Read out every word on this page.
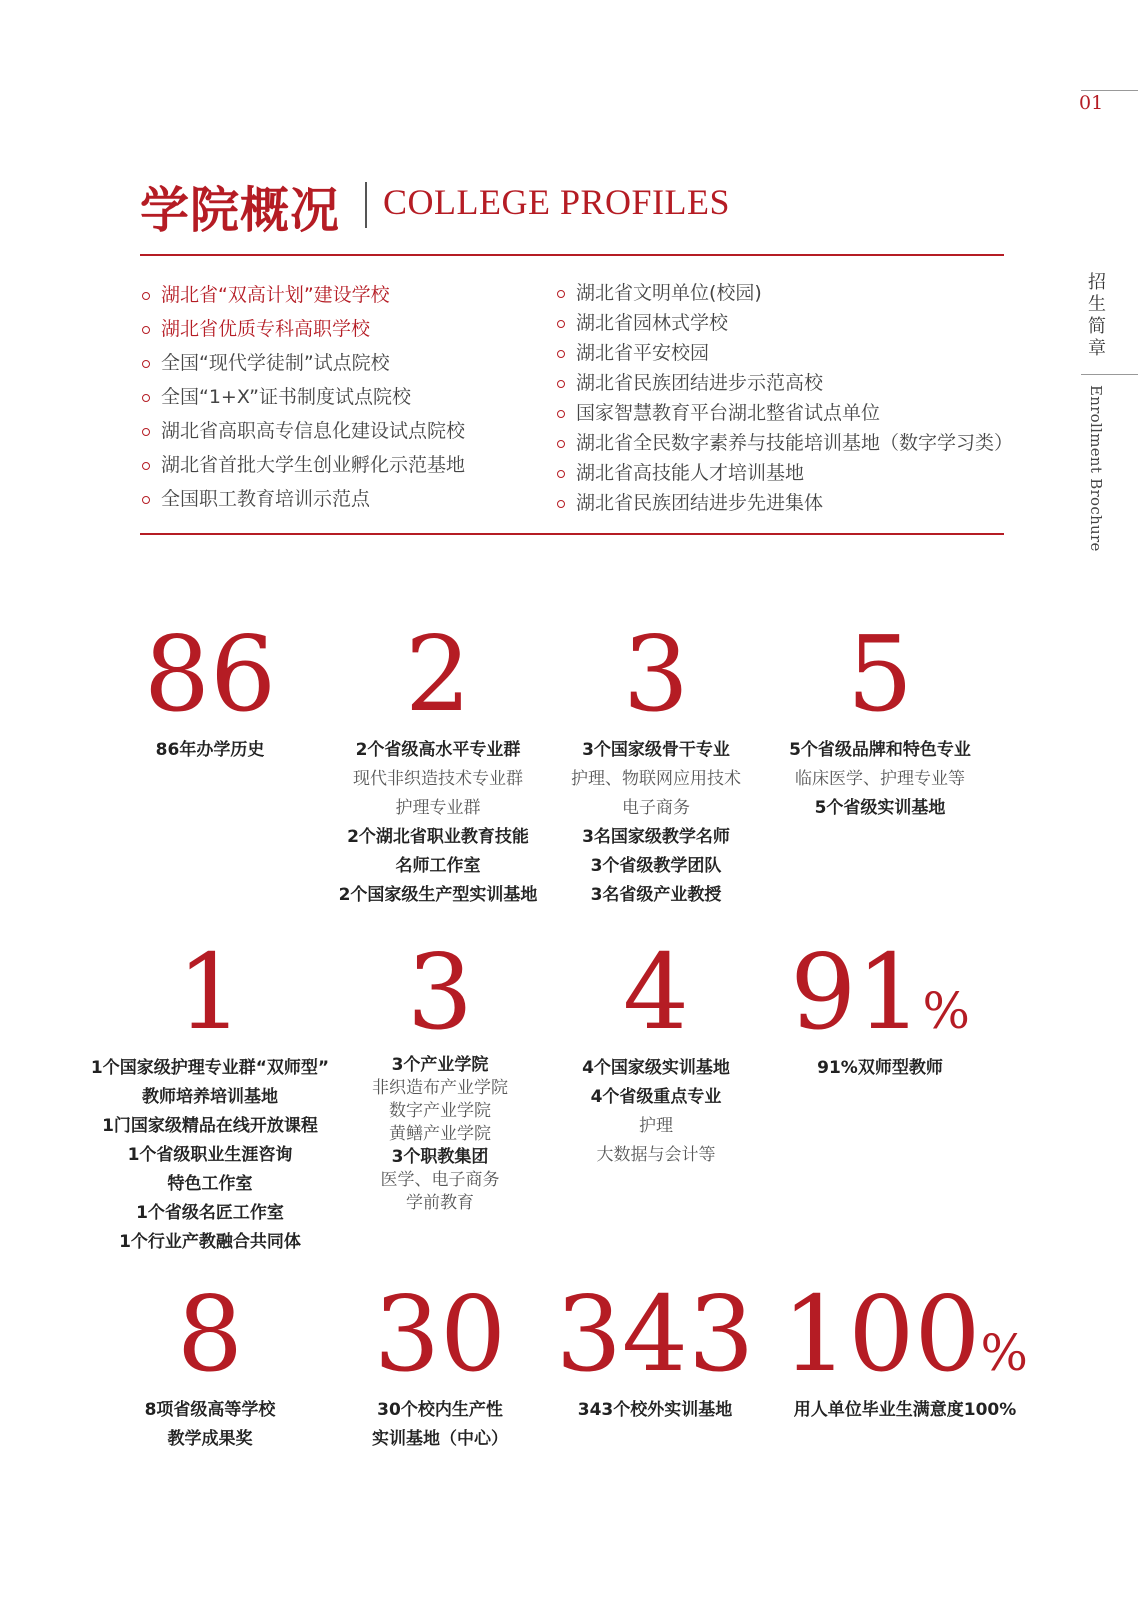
01
招
生
简
章
Enrollment Brochure
学院概况 COLLEGE PROFILES
湖北省“双高计划”建设学校
湖北省优质专科高职学校
全国“现代学徒制”试点院校
全国“1+X”证书制度试点院校
湖北省高职高专信息化建设试点院校
湖北省首批大学生创业孵化示范基地
全国职工教育培训示范点
湖北省文明单位(校园)
湖北省园林式学校
湖北省平安校园
湖北省民族团结进步示范高校
国家智慧教育平台湖北整省试点单位
湖北省全民数字素养与技能培训基地（数字学习类）
湖北省高技能人才培训基地
湖北省民族团结进步先进集体
86
86年办学历史
2
2个省级高水平专业群
现代非织造技术专业群
护理专业群
2个湖北省职业教育技能
名师工作室
2个国家级生产型实训基地
3
3个国家级骨干专业
护理、物联网应用技术
电子商务
3名国家级教学名师
3个省级教学团队
3名省级产业教授
5
5个省级品牌和特色专业
临床医学、护理专业等
5个省级实训基地
1
1个国家级护理专业群“双师型”
教师培养培训基地
1门国家级精品在线开放课程
1个省级职业生涯咨询
特色工作室
1个省级名匠工作室
1个行业产教融合共同体
3
3个产业学院
非织造布产业学院
数字产业学院
黄鳝产业学院
3个职教集团
医学、电子商务
学前教育
4
4个国家级实训基地
4个省级重点专业
护理
大数据与会计等
91%
91%双师型教师
8
8项省级高等学校
教学成果奖
30
30个校内生产性
实训基地（中心）
343
343个校外实训基地
100%
用人单位毕业生满意度100%
